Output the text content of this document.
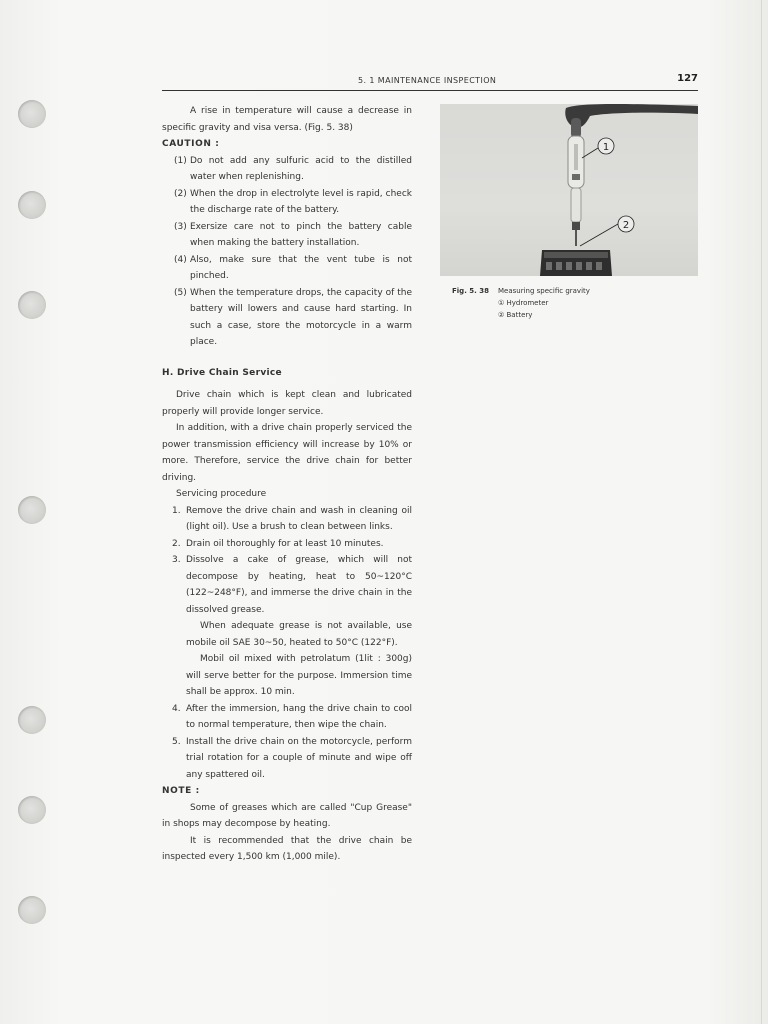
5. 1 MAINTENANCE INSPECTION	127

A rise in temperature will cause a decrease in specific gravity and visa versa. (Fig. 5. 38)

CAUTION :

(1) Do not add any sulfuric acid to the distilled water when replenishing.
(2) When the drop in electrolyte level is rapid, check the discharge rate of the battery.
(3) Exersize care not to pinch the battery cable when making the battery installation.
(4) Also, make sure that the vent tube is not pinched.
(5) When the temperature drops, the capacity of the battery will lowers and cause hard starting. In such a case, store the motorcycle in a warm place.

H. Drive Chain Service

Drive chain which is kept clean and lubricated properly will provide longer service.

In addition, with a drive chain properly serviced the power transmission efficiency will increase by 10% or more. Therefore, service the drive chain for better driving.

Servicing procedure

1. Remove the drive chain and wash in cleaning oil (light oil). Use a brush to clean between links.
2. Drain oil thoroughly for at least 10 minutes.
3. Dissolve a cake of grease, which will not decompose by heating, heat to 50~120°C (122~248°F), and immerse the drive chain in the dissolved grease.

When adequate grease is not available, use mobile oil SAE 30~50, heated to 50°C (122°F).

Mobil oil mixed with petrolatum (1lit : 300g) will serve better for the purpose. Immersion time shall be approx. 10 min.

4. After the immersion, hang the drive chain to cool to normal temperature, then wipe the chain.
5. Install the drive chain on the motorcycle, perform trial rotation for a couple of minute and wipe off any spattered oil.

NOTE :

Some of greases which are called "Cup Grease" in shops may decompose by heating.

It is recommended that the drive chain be inspected every 1,500 km (1,000 mile).

1
2
Fig. 5. 38 Measuring specific gravity
① Hydrometer
② Battery
